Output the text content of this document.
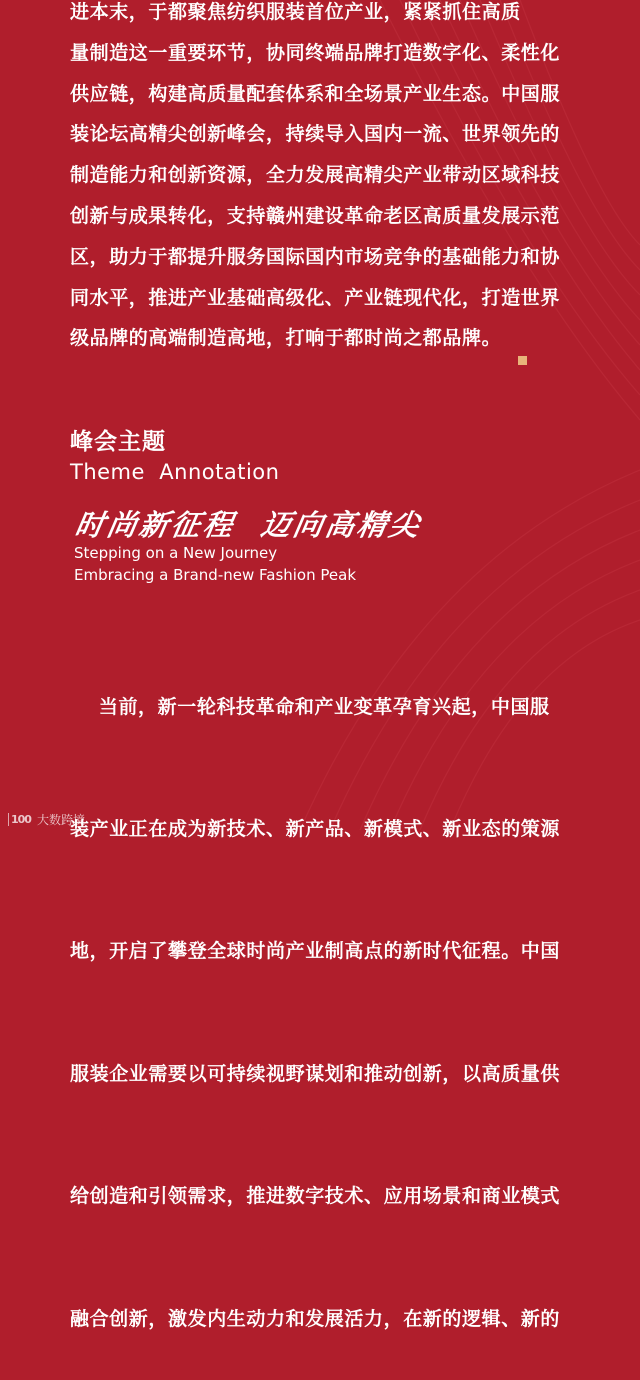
进本末，于都聚焦纺织服装首位产业，紧紧抓住高质
量制造这一重要环节，协同终端品牌打造数字化、柔性化
供应链，构建高质量配套体系和全场景产业生态。中国服
装论坛高精尖创新峰会，持续导入国内一流、世界领先的
制造能力和创新资源，全力发展高精尖产业带动区域科技
创新与成果转化，支持赣州建设革命老区高质量发展示范
区，助力于都提升服务国际国内市场竞争的基础能力和协
同水平，推进产业基础高级化、产业链现代化，打造世界
级品牌的高端制造高地，打响于都时尚之都品牌。
峰会主题
Theme  Annotation
时尚新征程  迈向高精尖
Stepping on a New Journey
Embracing a Brand-new Fashion Peak

当前，新一轮科技革命和产业变革孕育兴起，中国服

装产业正在成为新技术、新产品、新模式、新业态的策源

地，开启了攀登全球时尚产业制高点的新时代征程。中国

服装企业需要以可持续视野谋划和推动创新，以高质量供

给创造和引领需求，推进数字技术、应用场景和商业模式

融合创新，激发内生动力和发展活力，在新的逻辑、新的

100 大数跨境
